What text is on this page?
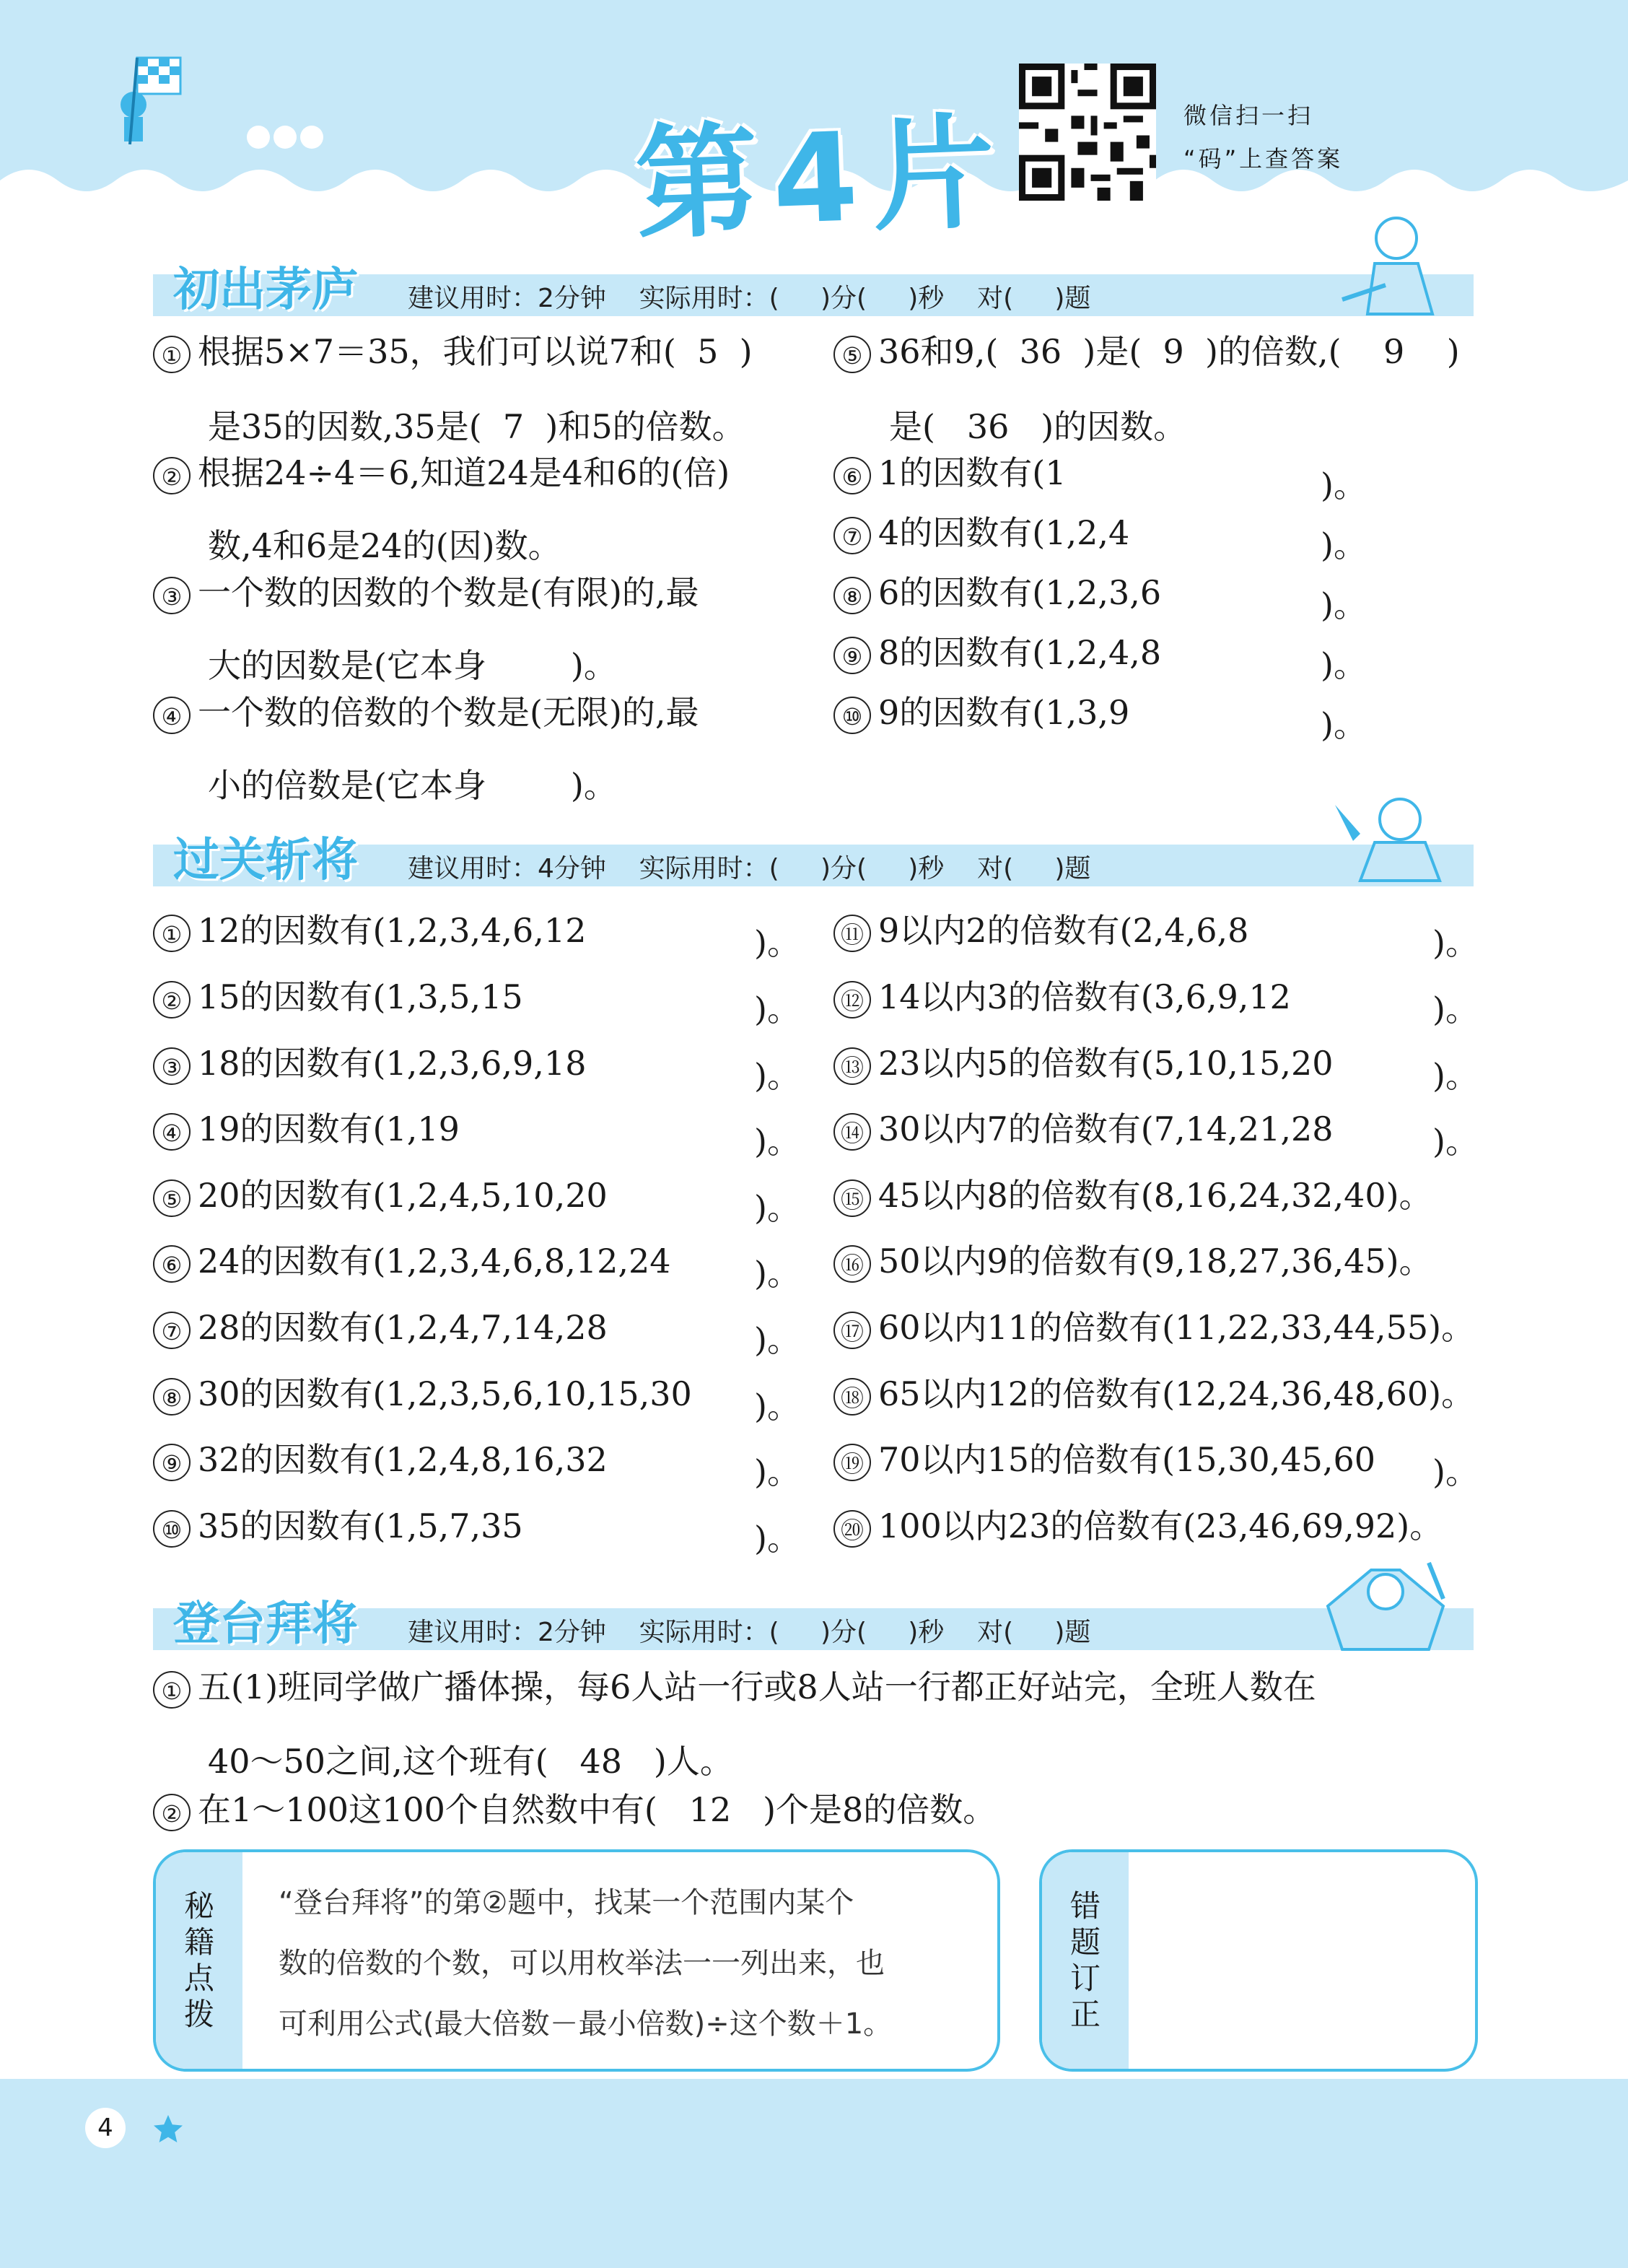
第4片	微信扫一扫
“码”上查答案
初出茅庐 建议用时：2分钟    实际用时：(     )分(     )秒    对(     )题
① 根据5×7＝35，我们可以说7和(  5  )
是35的因数,35是(  7  )和5的倍数。
② 根据24÷4＝6,知道24是4和6的(倍)
数,4和6是24的(因)数。
③ 一个数的因数的个数是(有限)的,最
大的因数是(它本身        )。
④ 一个数的倍数的个数是(无限)的,最
小的倍数是(它本身        )。
⑤ 36和9,(  36  )是(  9  )的倍数,(    9    )
是(   36   )的因数。
⑥ 1的因数有(1	)。
⑦ 4的因数有(1,2,4	)。
⑧ 6的因数有(1,2,3,6	)。
⑨ 8的因数有(1,2,4,8	)。
⑩ 9的因数有(1,3,9	)。
过关斩将 建议用时：4分钟    实际用时：(     )分(     )秒    对(     )题
① 12的因数有(1,2,3,4,6,12	)。
② 15的因数有(1,3,5,15	)。
③ 18的因数有(1,2,3,6,9,18	)。
④ 19的因数有(1,19	)。
⑤ 20的因数有(1,2,4,5,10,20	)。
⑥ 24的因数有(1,2,3,4,6,8,12,24	)。
⑦ 28的因数有(1,2,4,7,14,28	)。
⑧ 30的因数有(1,2,3,5,6,10,15,30 )。
⑨ 32的因数有(1,2,4,8,16,32	)。
⑩ 35的因数有(1,5,7,35	)。
⑪ 9以内2的倍数有(2,4,6,8	)。
⑫ 14以内3的倍数有(3,6,9,12	)。
⑬ 23以内5的倍数有(5,10,15,20	)。
⑭ 30以内7的倍数有(7,14,21,28	)。
⑮ 45以内8的倍数有(8,16,24,32,40)。
⑯ 50以内9的倍数有(9,18,27,36,45)。
⑰ 60以内11的倍数有(11,22,33,44,55)。
⑱ 65以内12的倍数有(12,24,36,48,60)。
⑲ 70以内15的倍数有(15,30,45,60 )。
⑳ 100以内23的倍数有(23,46,69,92)。
登台拜将 建议用时：2分钟    实际用时：(     )分(     )秒    对(     )题
① 五(1)班同学做广播体操，每6人站一行或8人站一行都正好站完，全班人数在
40～50之间,这个班有(   48   )人。
② 在1～100这100个自然数中有(   12   )个是8的倍数。
秘
籍
点
拨
“登台拜将”的第②题中，找某一个范围内某个
数的倍数的个数，可以用枚举法一一列出来，也
可利用公式(最大倍数－最小倍数)÷这个数＋1。
错
题
订
正
4
